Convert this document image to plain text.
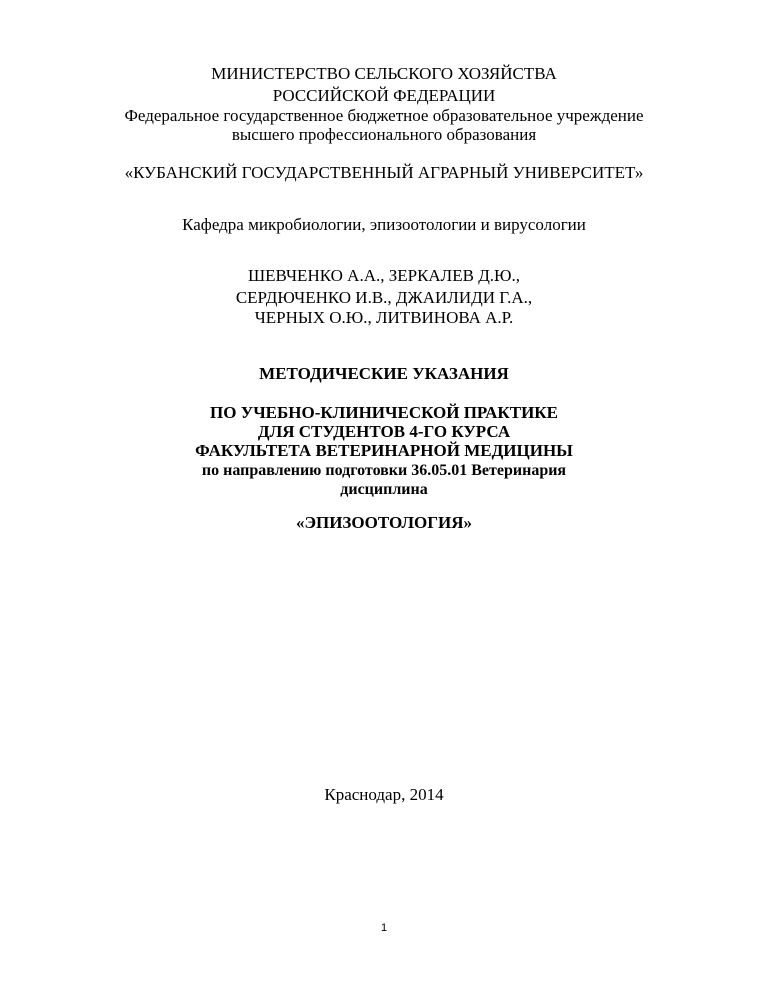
МИНИСТЕРСТВО СЕЛЬСКОГО ХОЗЯЙСТВА
РОССИЙСКОЙ ФЕДЕРАЦИИ
Федеральное государственное бюджетное образовательное учреждение
высшего профессионального образования
«КУБАНСКИЙ ГОСУДАРСТВЕННЫЙ АГРАРНЫЙ УНИВЕРСИТЕТ»
Кафедра микробиологии, эпизоотологии и вирусологии
ШЕВЧЕНКО А.А., ЗЕРКАЛЕВ Д.Ю.,
СЕРДЮЧЕНКО И.В., ДЖАИЛИДИ Г.А.,
ЧЕРНЫХ О.Ю., ЛИТВИНОВА А.Р.
МЕТОДИЧЕСКИЕ УКАЗАНИЯ
ПО УЧЕБНО-КЛИНИЧЕСКОЙ ПРАКТИКЕ
ДЛЯ СТУДЕНТОВ 4-ГО КУРСА
ФАКУЛЬТЕТА ВЕТЕРИНАРНОЙ МЕДИЦИНЫ
по направлению подготовки 36.05.01 Ветеринария
дисциплина
«ЭПИЗООТОЛОГИЯ»
Краснодар, 2014
1
